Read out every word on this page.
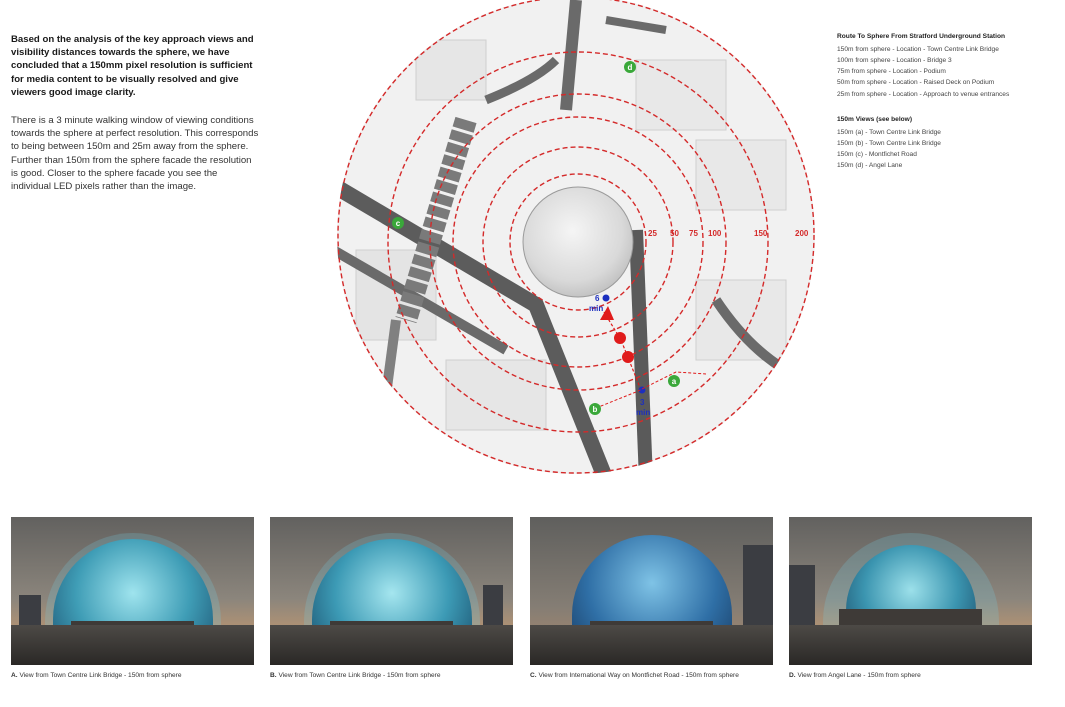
Based on the analysis of the key approach views and visibility distances towards the sphere, we have concluded that a 150mm pixel resolution is sufficient for media content to be visually resolved and give viewers good image clarity.

There is a 3 minute walking window of viewing conditions towards the sphere at perfect resolution. This corresponds to being between 150m and 25m away from the sphere. Further than 150m from the sphere facade the resolution is good. Closer to the sphere facade you see the individual LED pixels rather than the image.

25 50 75 100	150	200
6
min
3
min
a
b
c
d
Route To Sphere From Stratford Underground Station

150m from sphere - Location - Town Centre Link Bridge

100m from sphere - Location - Bridge 3

75m from sphere - Location - Podium

50m from sphere - Location - Raised Deck on Podium

25m from sphere - Location - Approach to venue entrances

150m Views (see below)

150m (a) - Town Centre Link Bridge

150m (b) - Town Centre Link Bridge

150m (c) - Montfichet Road

150m (d) - Angel Lane

A. View from Town Centre Link Bridge - 150m from sphere	B. View from Town Centre Link Bridge - 150m from sphere	C. View from International Way on Montfichet Road - 150m from sphere	D. View from Angel Lane - 150m from sphere
